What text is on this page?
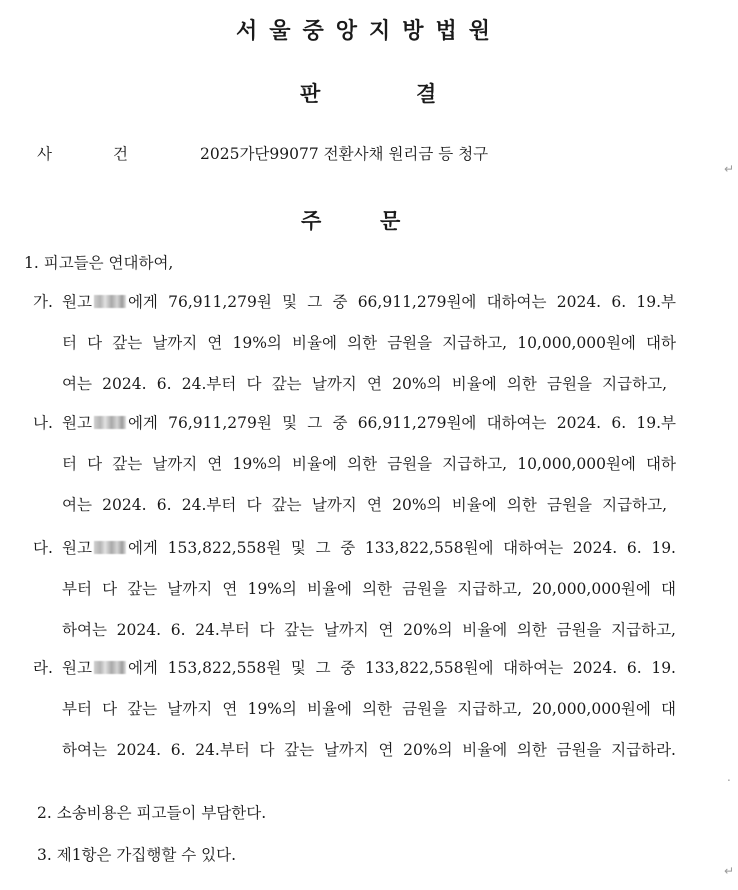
서울중앙지방법원
판	결
사	건	2025가단99077 전환사채 원리금 등 청구
↵
주	문
1. 피고들은 연대하여,
가. 원고 에게 76,911,279원 및 그 중 66,911,279원에 대하여는 2024. 6. 19.부
터 다 갚는 날까지 연 19%의 비율에 의한 금원을 지급하고, 10,000,000원에 대하
여는 2024. 6. 24.부터 다 갚는 날까지 연 20%의 비율에 의한 금원을 지급하고,
나. 원고 에게 76,911,279원 및 그 중 66,911,279원에 대하여는 2024. 6. 19.부
터 다 갚는 날까지 연 19%의 비율에 의한 금원을 지급하고, 10,000,000원에 대하
여는 2024. 6. 24.부터 다 갚는 날까지 연 20%의 비율에 의한 금원을 지급하고,
다. 원고 에게 153,822,558원 및 그 중 133,822,558원에 대하여는 2024. 6. 19.
부터 다 갚는 날까지 연 19%의 비율에 의한 금원을 지급하고, 20,000,000원에 대
하여는 2024. 6. 24.부터 다 갚는 날까지 연 20%의 비율에 의한 금원을 지급하고,
라. 원고 에게 153,822,558원 및 그 중 133,822,558원에 대하여는 2024. 6. 19.
부터 다 갚는 날까지 연 19%의 비율에 의한 금원을 지급하고, 20,000,000원에 대
하여는 2024. 6. 24.부터 다 갚는 날까지 연 20%의 비율에 의한 금원을 지급하라.
.
2. 소송비용은 피고들이 부담한다.
3. 제1항은 가집행할 수 있다.
↵
